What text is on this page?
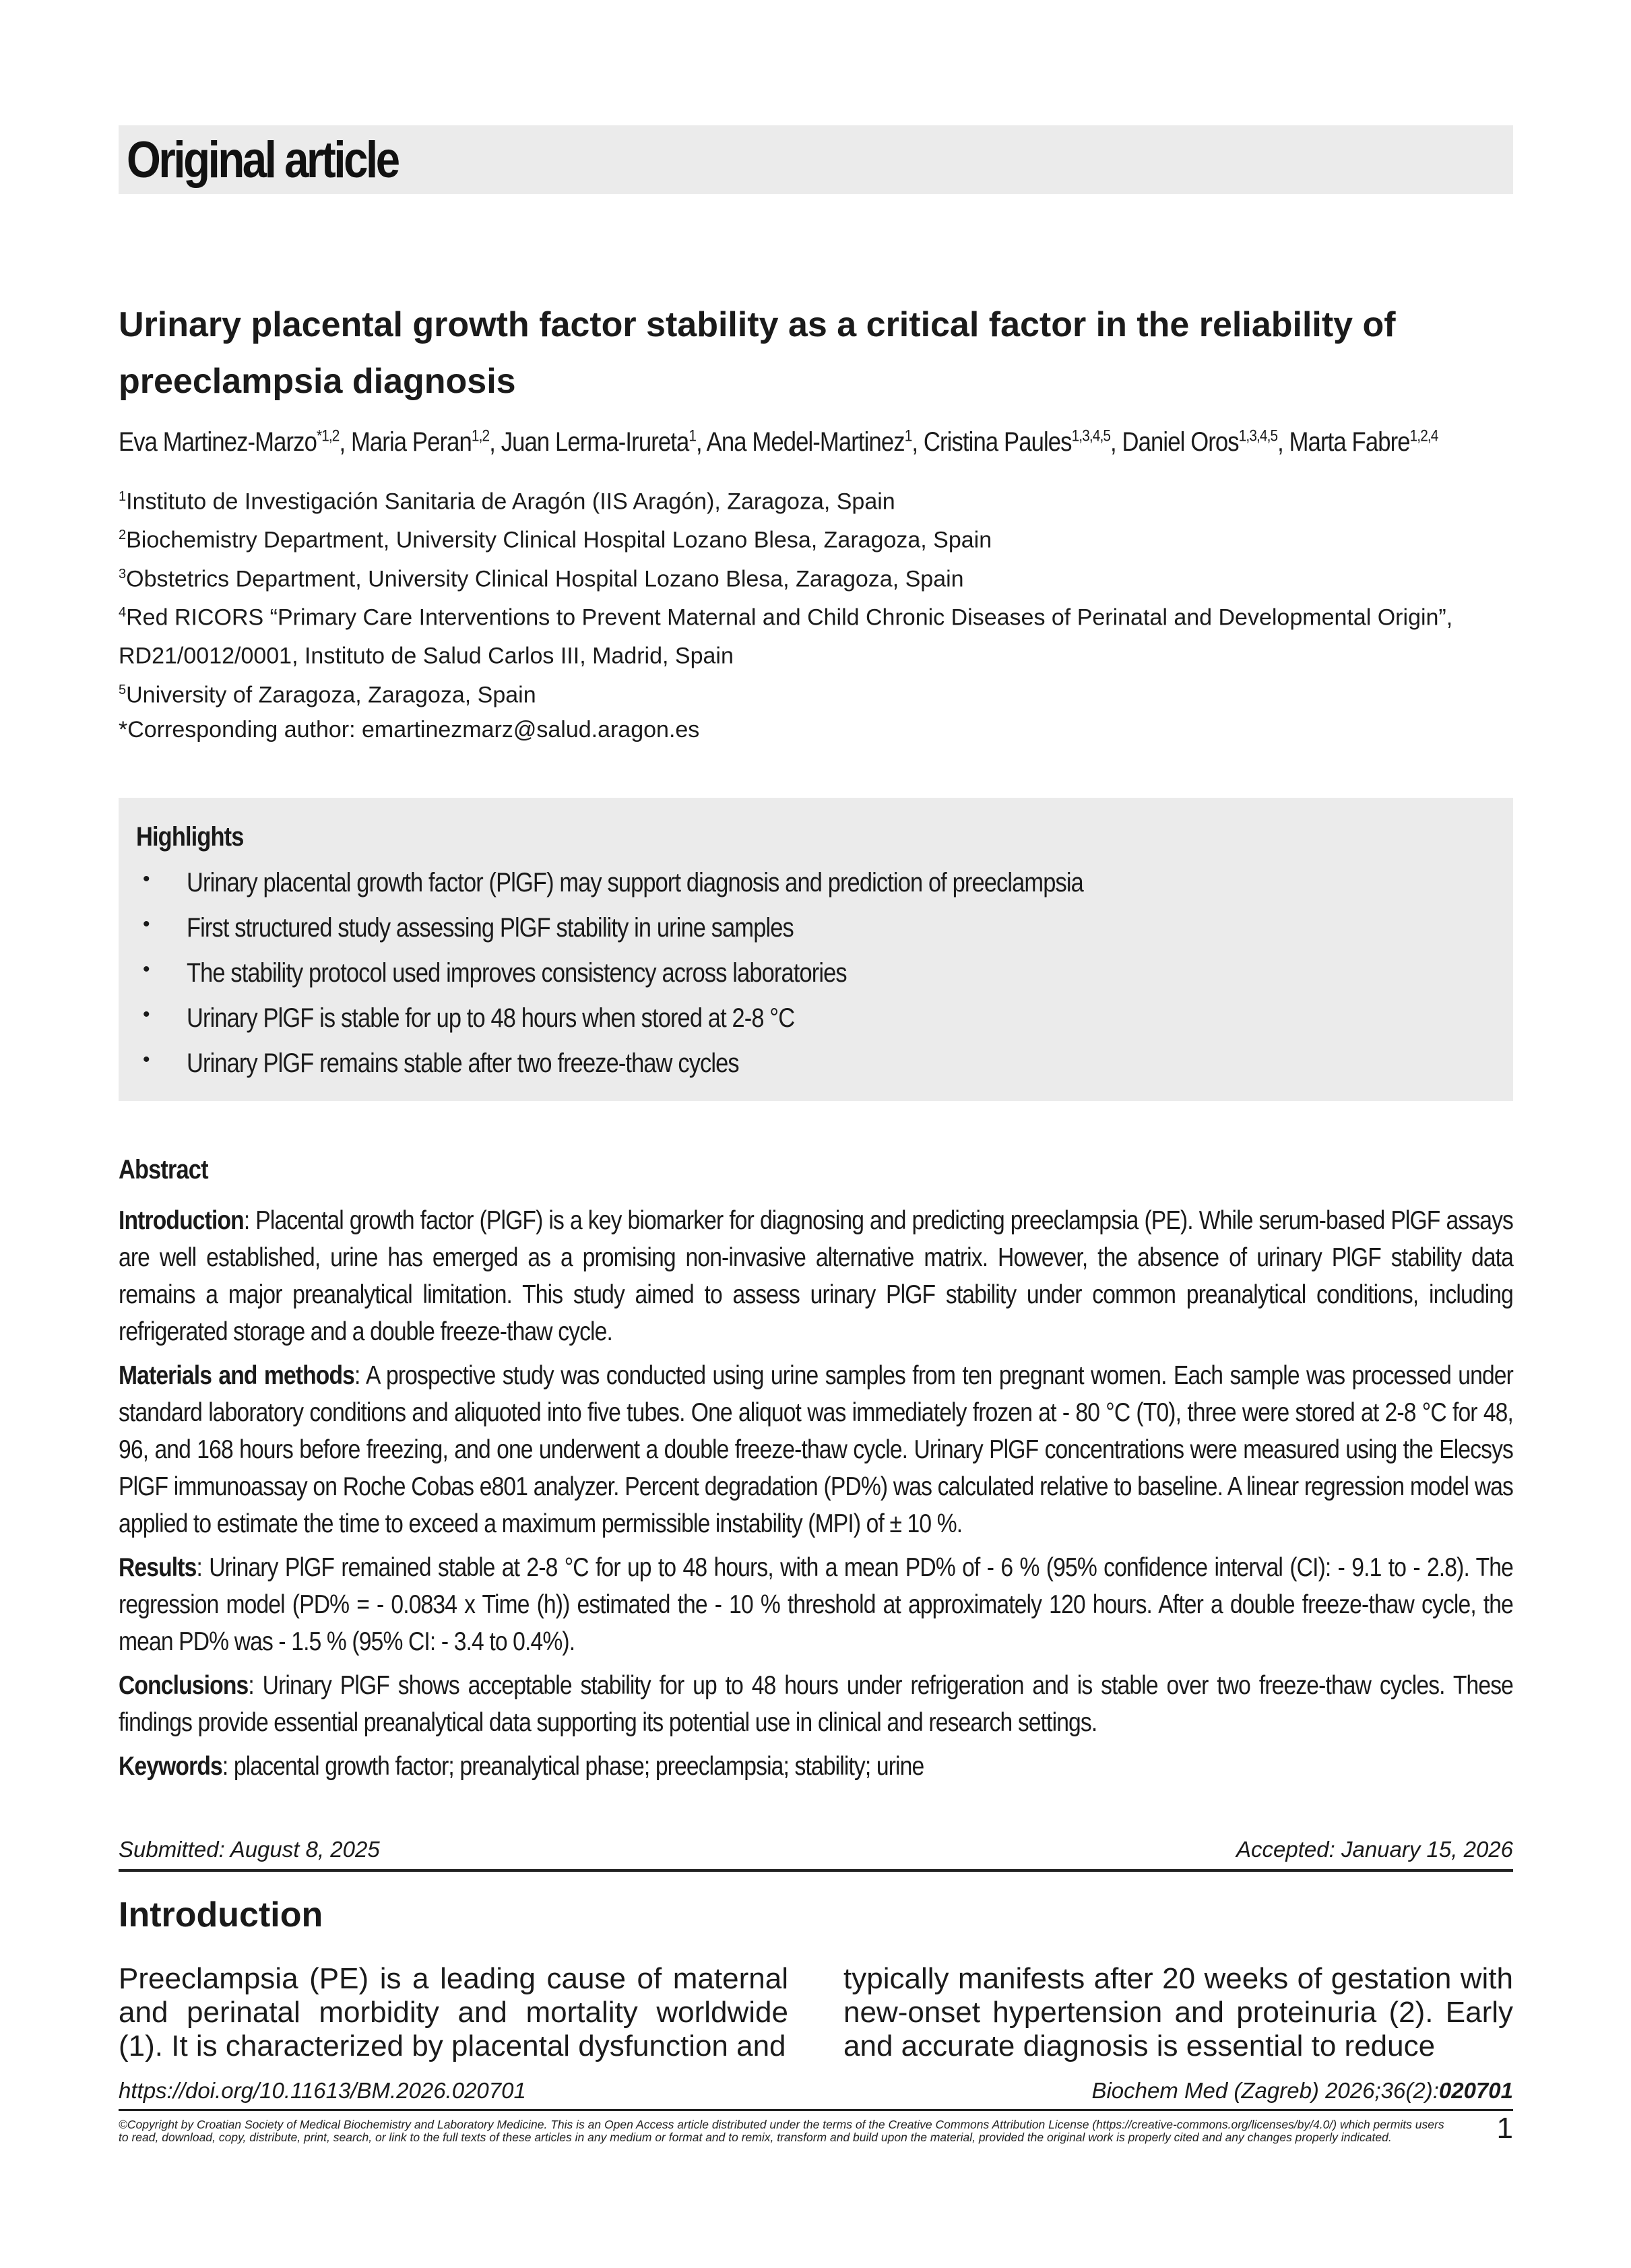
Original article
Urinary placental growth factor stability as a critical factor in the reliability of preeclampsia diagnosis
Eva Martinez-Marzo$^{*1,2}$, Maria Peran$^{1,2}$, Juan Lerma-Irureta$^1$, Ana Medel-Martinez$^1$, Cristina Paules$^{1,3,4,5}$, Daniel Oros$^{1,3,4,5}$, Marta Fabre$^{1,2,4}$
$^1$Instituto de Investigación Sanitaria de Aragón (IIS Aragón), Zaragoza, Spain
$^2$Biochemistry Department, University Clinical Hospital Lozano Blesa, Zaragoza, Spain
$^3$Obstetrics Department, University Clinical Hospital Lozano Blesa, Zaragoza, Spain
$^4$Red RICORS “Primary Care Interventions to Prevent Maternal and Child Chronic Diseases of Perinatal and Developmental Origin”,
RD21/0012/0001, Instituto de Salud Carlos III, Madrid, Spain
$^5$University of Zaragoza, Zaragoza, Spain
*Corresponding author: emartinezmarz@salud.aragon.es
Highlights
• Urinary placental growth factor (PlGF) may support diagnosis and prediction of preeclampsia
• First structured study assessing PlGF stability in urine samples
• The stability protocol used improves consistency across laboratories
• Urinary PlGF is stable for up to 48 hours when stored at 2-8 °C
• Urinary PlGF remains stable after two freeze-thaw cycles
Abstract

Introduction: Placental growth factor (PlGF) is a key biomarker for diagnosing and predicting preeclampsia (PE). While serum-based PlGF assays are well established, urine has emerged as a promising non-invasive alternative matrix. However, the absence of urinary PlGF stability data remains a major preanalytical limitation. This study aimed to assess urinary PlGF stability under common preanalytical conditions, including refrigerated storage and a double freeze-thaw cycle.

Materials and methods: A prospective study was conducted using urine samples from ten pregnant women. Each sample was processed under standard laboratory conditions and aliquoted into five tubes. One aliquot was immediately frozen at - 80 °C (T0), three were stored at 2-8 °C for 48, 96, and 168 hours before freezing, and one underwent a double freeze-thaw cycle. Urinary PlGF concentrations were measured using the Elecsys PlGF immunoassay on Roche Cobas e801 analyzer. Percent degradation (PD%) was calculated relative to baseline. A linear regression model was applied to estimate the time to exceed a maximum permissible instability (MPI) of ± 10 %.

Results: Urinary PlGF remained stable at 2-8 °C for up to 48 hours, with a mean PD% of - 6 % (95% confidence interval (CI): - 9.1 to - 2.8). The regression model (PD% = - 0.0834 x Time (h)) estimated the - 10 % threshold at approximately 120 hours. After a double freeze-thaw cycle, the mean PD% was - 1.5 % (95% CI: - 3.4 to 0.4%).

Conclusions: Urinary PlGF shows acceptable stability for up to 48 hours under refrigeration and is stable over two freeze-thaw cycles. These findings provide essential preanalytical data supporting its potential use in clinical and research settings.

Keywords: placental growth factor; preanalytical phase; preeclampsia; stability; urine

Submitted: August 8, 2025	Accepted: January 15, 2026
Introduction
Preeclampsia (PE) is a leading cause of maternal and perinatal morbidity and mortality worldwide (1). It is characterized by placental dysfunction and
typically manifests after 20 weeks of gestation with new-onset hypertension and proteinuria (2). Early and accurate diagnosis is essential to reduce
https://doi.org/10.11613/BM.2026.020701	Biochem Med (Zagreb) 2026;36(2):020701
©Copyright by Croatian Society of Medical Biochemistry and Laboratory Medicine. This is an Open Access article distributed under the terms of the Creative Commons Attribution License (https://creative-commons.org/licenses/by/4.0/) which permits users to read, download, copy, distribute, print, search, or link to the full texts of these articles in any medium or format and to remix, transform and build upon the material, provided the original work is properly cited and any changes properly indicated.	1
